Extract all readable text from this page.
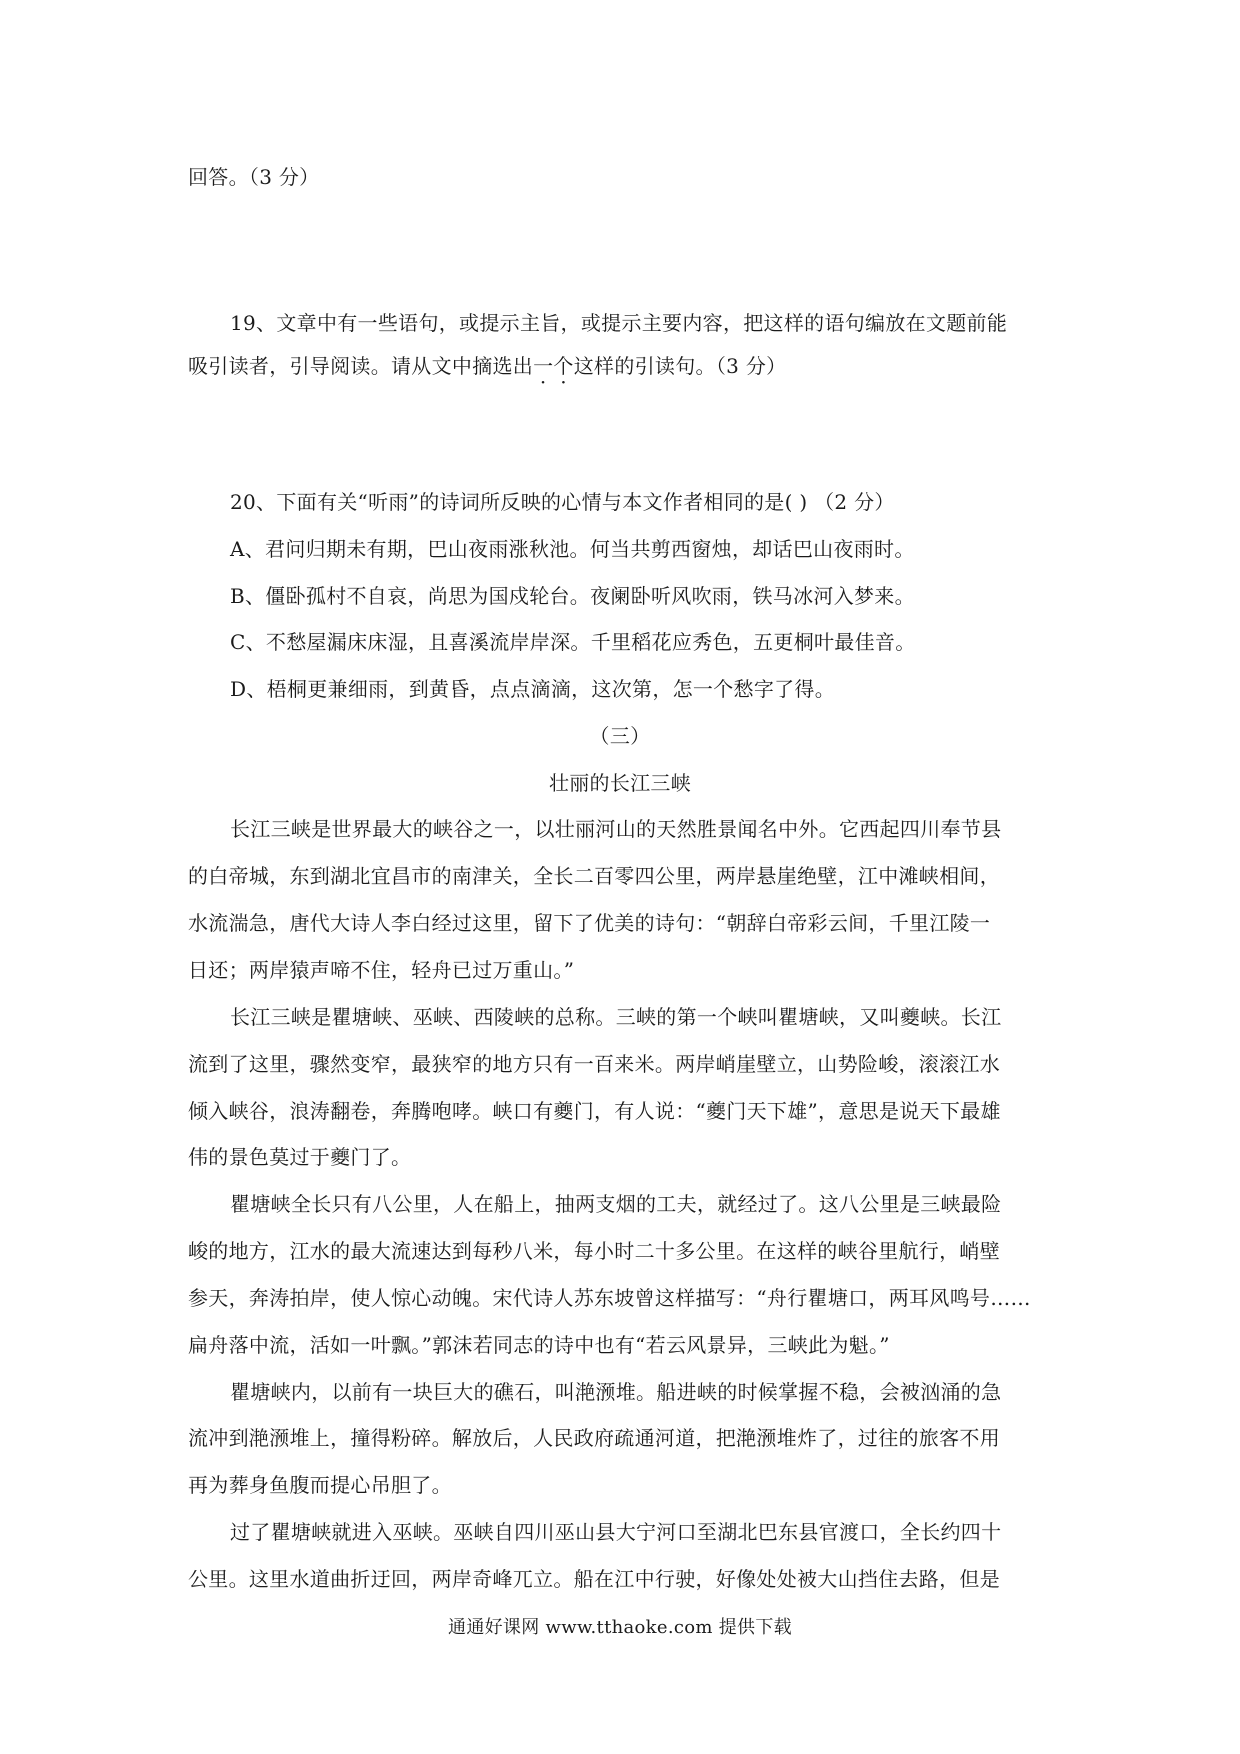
回答。（3 分）
19、文章中有一些语句，或提示主旨，或提示主要内容，把这样的语句编放在文题前能
吸引读者，引导阅读。请从文中摘选出一个这样的引读句。（3 分）
20、下面有关“听雨”的诗词所反映的心情与本文作者相同的是( ) （2 分）
A、君问归期未有期，巴山夜雨涨秋池。何当共剪西窗烛，却话巴山夜雨时。
B、僵卧孤村不自哀，尚思为国戍轮台。夜阑卧听风吹雨，铁马冰河入梦来。
C、不愁屋漏床床湿，且喜溪流岸岸深。千里稻花应秀色，五更桐叶最佳音。
D、梧桐更兼细雨，到黄昏，点点滴滴，这次第，怎一个愁字了得。
（三）
壮丽的长江三峡
长江三峡是世界最大的峡谷之一，以壮丽河山的天然胜景闻名中外。它西起四川奉节县
的白帝城，东到湖北宜昌市的南津关，全长二百零四公里，两岸悬崖绝壁，江中滩峡相间，
水流湍急，唐代大诗人李白经过这里，留下了优美的诗句：“朝辞白帝彩云间，千里江陵一
日还；两岸猿声啼不住，轻舟已过万重山。”
长江三峡是瞿塘峡、巫峡、西陵峡的总称。三峡的第一个峡叫瞿塘峡，又叫夔峡。长江
流到了这里，骤然变窄，最狭窄的地方只有一百来米。两岸峭崖壁立，山势险峻，滚滚江水
倾入峡谷，浪涛翻卷，奔腾咆哮。峡口有夔门，有人说：“夔门天下雄”，意思是说天下最雄
伟的景色莫过于夔门了。
瞿塘峡全长只有八公里，人在船上，抽两支烟的工夫，就经过了。这八公里是三峡最险
峻的地方，江水的最大流速达到每秒八米，每小时二十多公里。在这样的峡谷里航行，峭壁
参天，奔涛拍岸，使人惊心动魄。宋代诗人苏东坡曾这样描写：“舟行瞿塘口，两耳风鸣号……
扁舟落中流，活如一叶飘。”郭沫若同志的诗中也有“若云风景异，三峡此为魁。”
瞿塘峡内，以前有一块巨大的礁石，叫滟滪堆。船进峡的时候掌握不稳，会被汹涌的急
流冲到滟滪堆上，撞得粉碎。解放后，人民政府疏通河道，把滟滪堆炸了，过往的旅客不用
再为葬身鱼腹而提心吊胆了。
过了瞿塘峡就进入巫峡。巫峡自四川巫山县大宁河口至湖北巴东县官渡口，全长约四十
公里。这里水道曲折迂回，两岸奇峰兀立。船在江中行驶，好像处处被大山挡住去路，但是
通通好课网 www.tthaoke.com 提供下载
